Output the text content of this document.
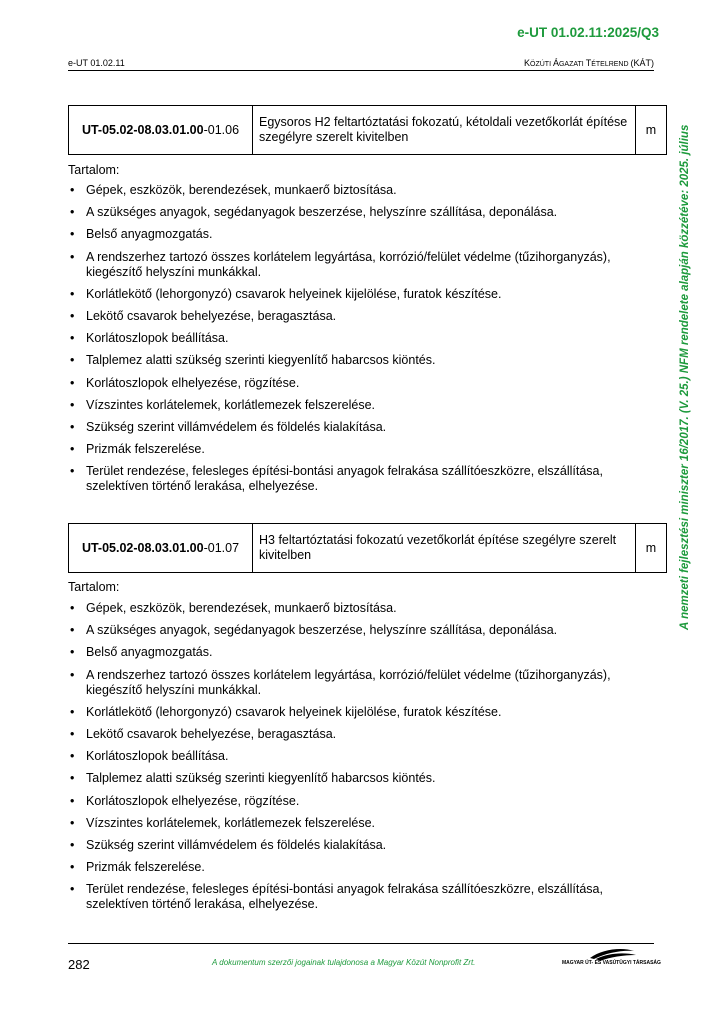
e-UT 01.02.11:2025/Q3
e-UT 01.02.11	KÖZÚTI ÁGAZATI TÉTELREND (KÁT)
A nemzeti fejlesztési miniszter 16/2017. (V. 25.) NFM rendelete alapján közzétéve: 2025. július
UT-05.02-08.03.01.00-01.06	Egysoros H2 feltartóztatási fokozatú, kétoldali vezetőkorlát építése szegélyre szerelt kivitelben	m
Tartalom:
• Gépek, eszközök, berendezések, munkaerő biztosítása.
• A szükséges anyagok, segédanyagok beszerzése, helyszínre szállítása, deponálása.
• Belső anyagmozgatás.
• A rendszerhez tartozó összes korlátelem legyártása, korrózió/felület védelme (tűzihorganyzás), kiegészítő helyszíni munkákkal.
• Korlátlekötő (lehorgonyzó) csavarok helyeinek kijelölése, furatok készítése.
• Lekötő csavarok behelyezése, beragasztása.
• Korlátoszlopok beállítása.
• Talplemez alatti szükség szerinti kiegyenlítő habarcsos kiöntés.
• Korlátoszlopok elhelyezése, rögzítése.
• Vízszintes korlátelemek, korlátlemezek felszerelése.
• Szükség szerint villámvédelem és földelés kialakítása.
• Prizmák felszerelése.
• Terület rendezése, felesleges építési-bontási anyagok felrakása szállítóeszközre, elszállítása, szelektíven történő lerakása, elhelyezése.
UT-05.02-08.03.01.00-01.07	H3 feltartóztatási fokozatú vezetőkorlát építése szegélyre szerelt kivitelben	m
Tartalom:
• Gépek, eszközök, berendezések, munkaerő biztosítása.
• A szükséges anyagok, segédanyagok beszerzése, helyszínre szállítása, deponálása.
• Belső anyagmozgatás.
• A rendszerhez tartozó összes korlátelem legyártása, korrózió/felület védelme (tűzihorganyzás), kiegészítő helyszíni munkákkal.
• Korlátlekötő (lehorgonyzó) csavarok helyeinek kijelölése, furatok készítése.
• Lekötő csavarok behelyezése, beragasztása.
• Korlátoszlopok beállítása.
• Talplemez alatti szükség szerinti kiegyenlítő habarcsos kiöntés.
• Korlátoszlopok elhelyezése, rögzítése.
• Vízszintes korlátelemek, korlátlemezek felszerelése.
• Szükség szerint villámvédelem és földelés kialakítása.
• Prizmák felszerelése.
• Terület rendezése, felesleges építési-bontási anyagok felrakása szállítóeszközre, elszállítása, szelektíven történő lerakása, elhelyezése.
282	A dokumentum szerzői jogainak tulajdonosa a Magyar Közút Nonprofit Zrt.	MAGYAR ÚT- ÉS VASÚTÜGYI TÁRSASÁG
